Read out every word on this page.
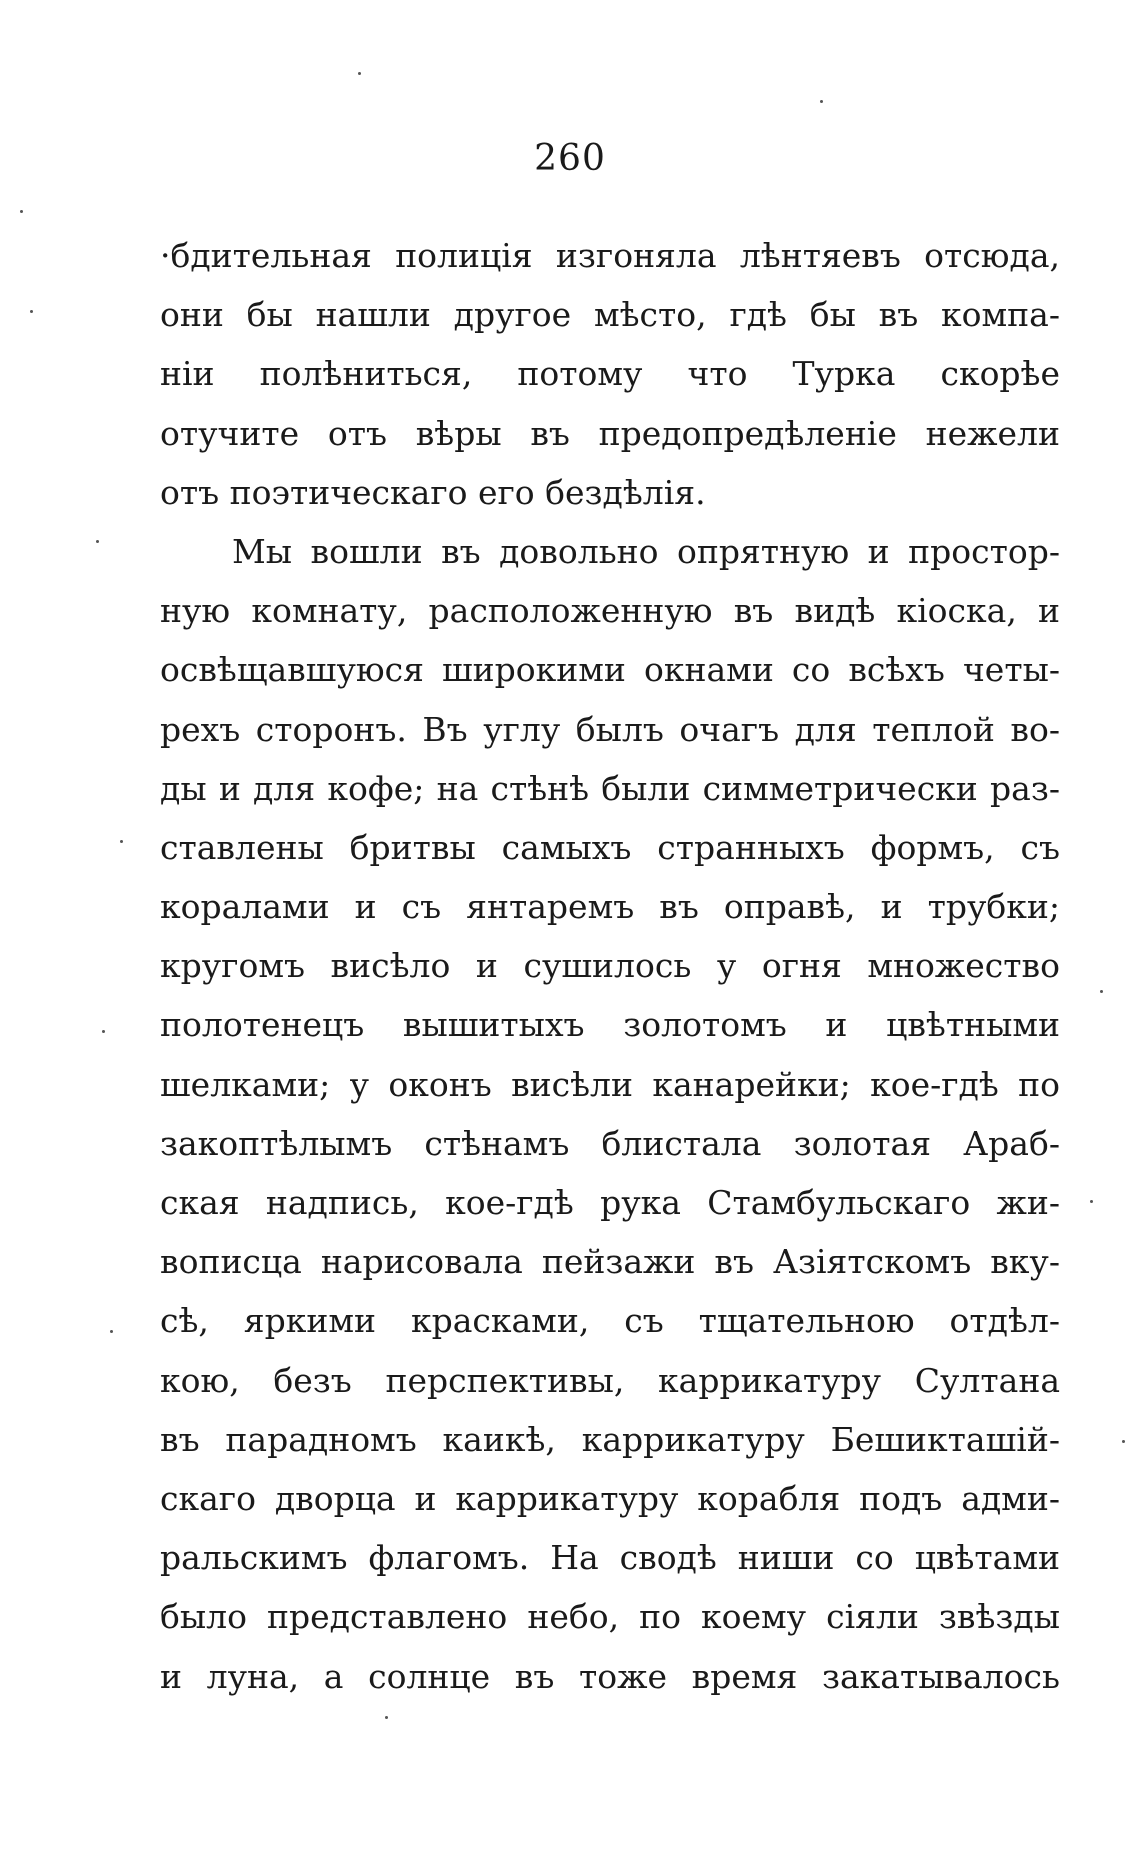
260
·бдительная полиція изгоняла лѣнтяевъ отсюда,
они бы нашли другое мѣсто, гдѣ бы въ компа-
ніи полѣниться, потому что Турка скорѣе
отучите отъ вѣры въ предопредѣленіе нежели
отъ поэтическаго его бездѣлія.
Мы вошли въ довольно опрятную и простор-
ную комнату, расположенную въ видѣ кіоска, и
освѣщавшуюся широкими окнами со всѣхъ четы-
рехъ сторонъ. Въ углу былъ очагъ для теплой во-
ды и для кофе; на стѣнѣ были симметрически раз-
ставлены бритвы самыхъ странныхъ формъ, съ
коралами и съ янтаремъ въ оправѣ, и трубки;
кругомъ висѣло и сушилось у огня множество
полотенецъ вышитыхъ золотомъ и цвѣтными
шелками; у оконъ висѣли канарейки; кое-гдѣ по
закоптѣлымъ стѣнамъ блистала золотая Араб-
ская надпись, кое-гдѣ рука Стамбульскаго жи-
вописца нарисовала пейзажи въ Азіятскомъ вку-
сѣ, яркими красками, съ тщательною отдѣл-
кою, безъ перспективы, каррикатуру Султана
въ парадномъ каикѣ, каррикатуру Бешикташій-
скаго дворца и каррикатуру корабля подъ адми-
ральскимъ флагомъ. На сводѣ ниши со цвѣтами
было представлено небо, по коему сіяли звѣзды
и луна, а солнце въ тоже время закатывалось
